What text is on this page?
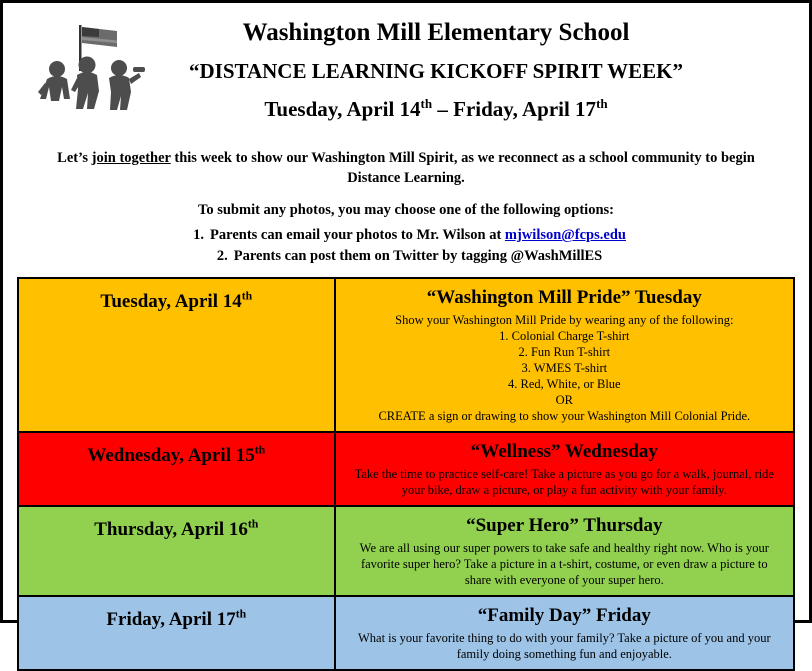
Washington Mill Elementary School
“DISTANCE LEARNING KICKOFF SPIRIT WEEK”
Tuesday, April 14th – Friday, April 17th
Let’s join together this week to show our Washington Mill Spirit, as we reconnect as a school community to begin Distance Learning.
To submit any photos, you may choose one of the following options:
1. Parents can email your photos to Mr. Wilson at mjwilson@fcps.edu
2. Parents can post them on Twitter by tagging @WashMillES
Tuesday, April 14th	“Washington Mill Pride” Tuesday
Show your Washington Mill Pride by wearing any of the following:
1. Colonial Charge T-shirt
2. Fun Run T-shirt
3. WMES T-shirt
4. Red, White, or Blue
OR
CREATE a sign or drawing to show your Washington Mill Colonial Pride.

Wednesday, April 15th	“Wellness” Wednesday
Take the time to practice self-care! Take a picture as you go for a walk, journal, ride
your bike, draw a picture, or play a fun activity with your family.

Thursday, April 16th	“Super Hero” Thursday
We are all using our super powers to take safe and healthy right now. Who is your
favorite super hero? Take a picture in a t-shirt, costume, or even draw a picture to
share with everyone of your super hero.

Friday, April 17th	“Family Day” Friday
What is your favorite thing to do with your family? Take a picture of you and your
family doing something fun and enjoyable.
